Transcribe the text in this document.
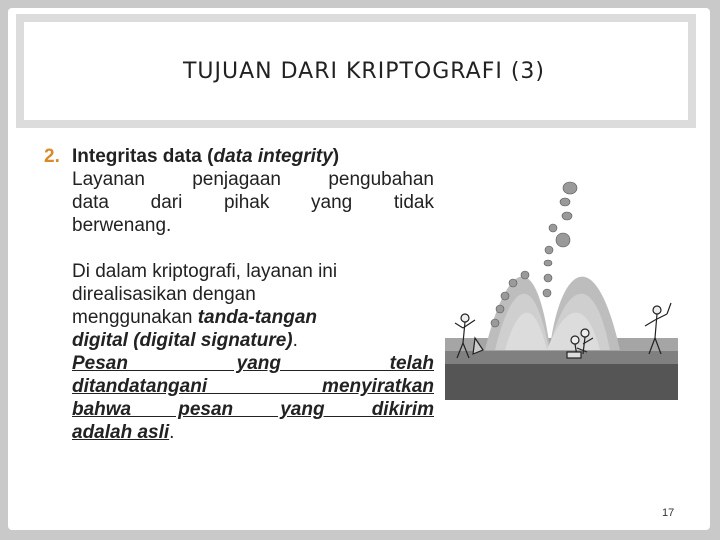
TUJUAN DARI KRIPTOGRAFI (3)
2. Integritas data (data integrity)
Layanan penjagaan pengubahan
data dari pihak yang tidak
berwenang.
Di dalam kriptografi, layanan ini
direalisasikan dengan
menggunakan tanda-tangan
digital (digital signature).
Pesan yang telah
ditandatangani menyiratkan
bahwa pesan yang dikirim
adalah asli.
17
